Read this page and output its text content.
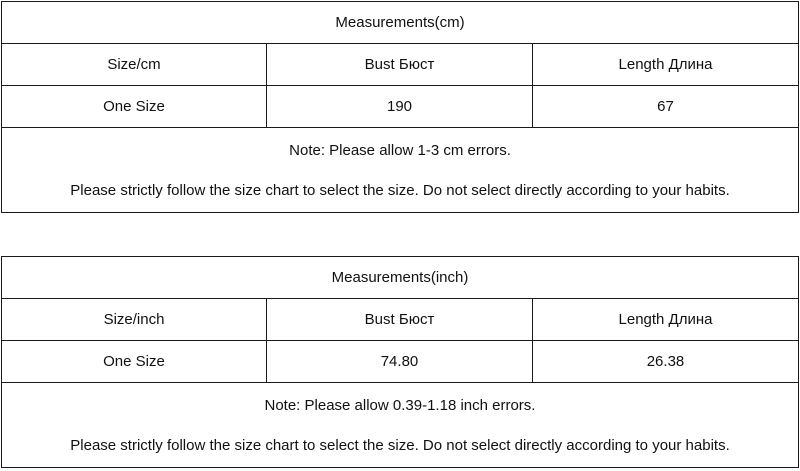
Measurements(cm)		
Size/cm	Bust Бюст	Length Длина
One Size	190	67

Note: Please allow 1-3 cm errors.
Please strictly follow the size chart to select the size. Do not select directly according to your habits.		
Measurements(inch)		
Size/inch	Bust Бюст	Length Длина
One Size	74.80	26.38

Note: Please allow 0.39-1.18 inch errors.
Please strictly follow the size chart to select the size. Do not select directly according to your habits.		
